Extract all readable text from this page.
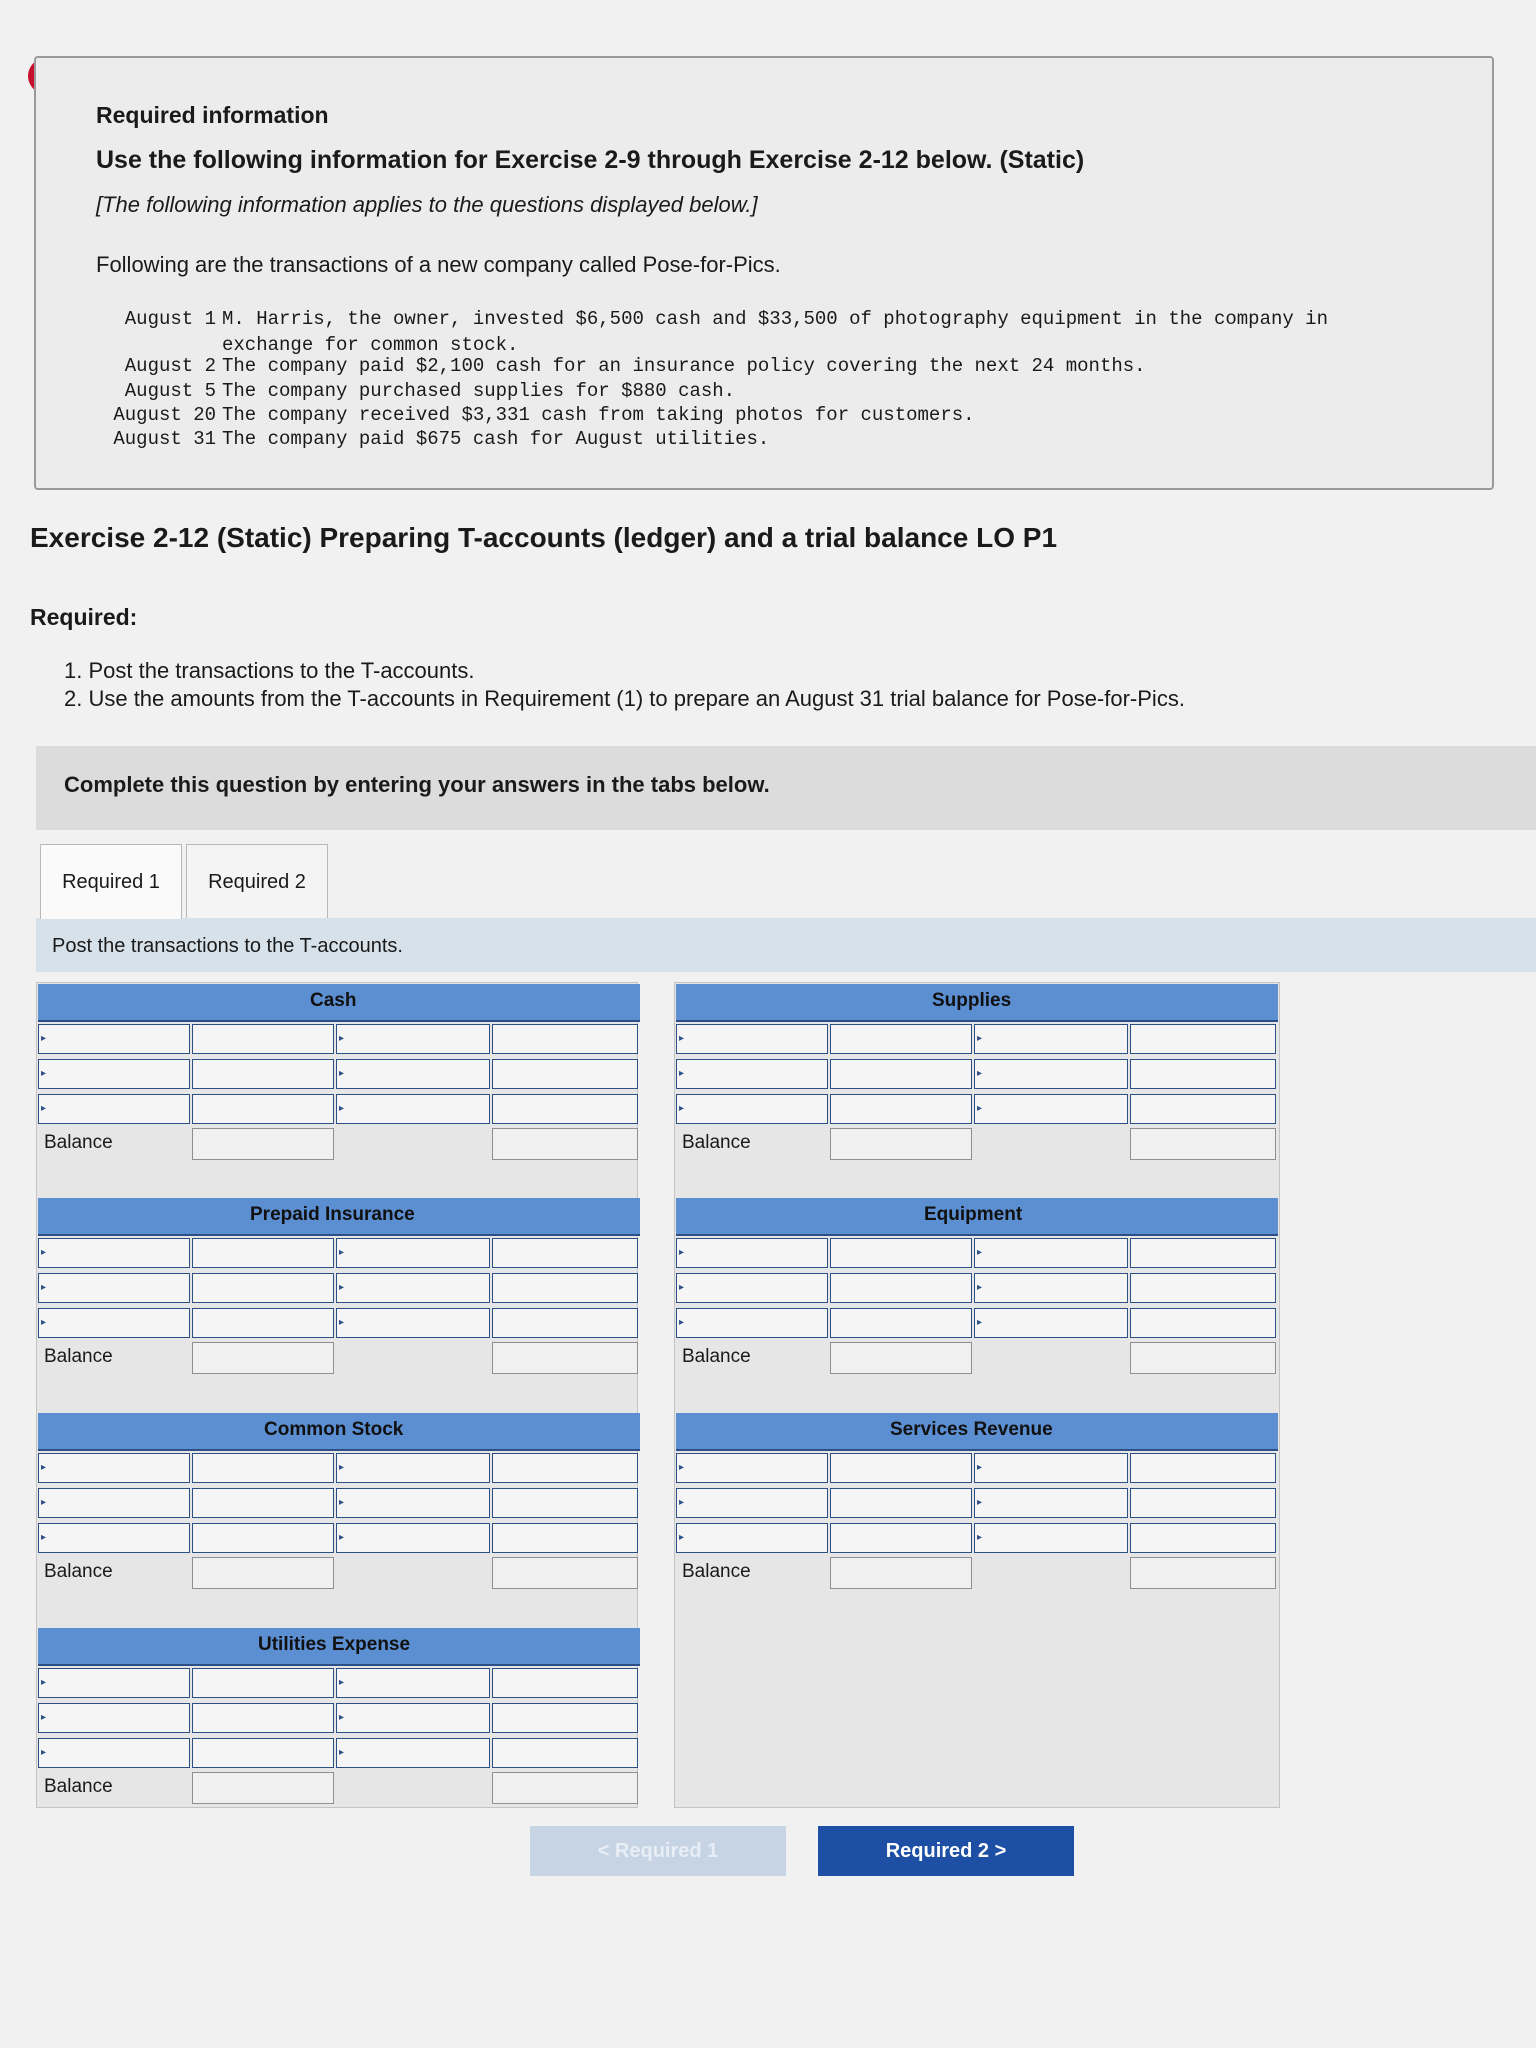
Required information
Use the following information for Exercise 2-9 through Exercise 2-12 below. (Static)
[The following information applies to the questions displayed below.]
Following are the transactions of a new company called Pose-for-Pics.
August 1 M. Harris, the owner, invested $6,500 cash and $33,500 of photography equipment in the company in
exchange for common stock.
August 2 The company paid $2,100 cash for an insurance policy covering the next 24 months.
August 5 The company purchased supplies for $880 cash.
August 20 The company received $3,331 cash from taking photos for customers.
August 31 The company paid $675 cash for August utilities.
Exercise 2-12 (Static) Preparing T-accounts (ledger) and a trial balance LO P1
Required:
1. Post the transactions to the T-accounts.
2. Use the amounts from the T-accounts in Requirement (1) to prepare an August 31 trial balance for Pose-for-Pics.
Complete this question by entering your answers in the tabs below.
Required 1	Required 2
Post the transactions to the T-accounts.
Cash
▸	▸
▸	▸
▸	▸
Balance
Supplies
▸	▸
▸	▸
▸	▸
Balance
Prepaid Insurance
▸	▸
▸	▸
▸	▸
Balance
Equipment
▸	▸
▸	▸
▸	▸
Balance
Common Stock
▸	▸
▸	▸
▸	▸
Balance
Services Revenue
▸	▸
▸	▸
▸	▸
Balance
Utilities Expense
▸	▸
▸	▸
▸	▸
Balance
< Required 1	Required 2 >
